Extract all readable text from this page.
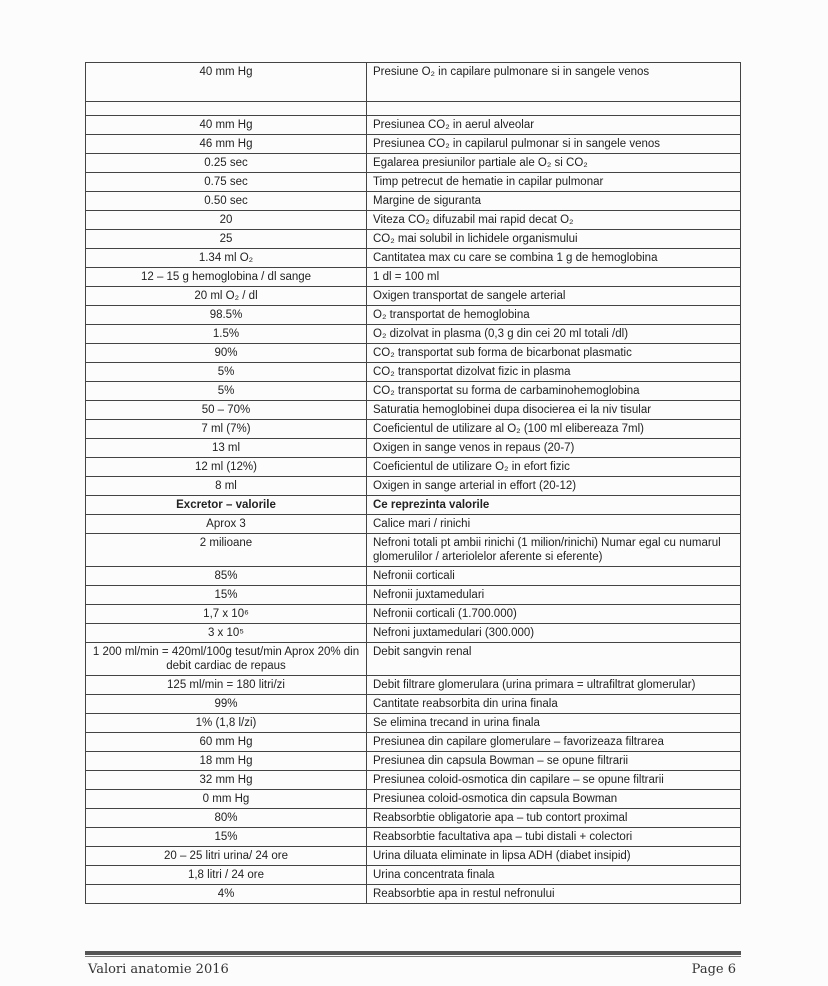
40 mm Hg	Presiune O₂ in capilare pulmonare si in sangele venos

40 mm Hg	Presiunea CO₂ in aerul alveolar
46 mm Hg	Presiunea CO₂ in capilarul pulmonar si in sangele venos
0.25 sec	Egalarea presiunilor partiale ale O₂ si CO₂
0.75 sec	Timp petrecut de hematie in capilar pulmonar
0.50 sec	Margine de siguranta
20	Viteza CO₂ difuzabil mai rapid decat O₂
25	CO₂ mai solubil in lichidele organismului
1.34 ml O₂	Cantitatea max cu care se combina 1 g de hemoglobina
12 – 15 g hemoglobina / dl sange	1 dl = 100 ml
20 ml O₂ / dl	Oxigen transportat de sangele arterial
98.5%	O₂ transportat de hemoglobina
1.5%	O₂ dizolvat in plasma (0,3 g din cei 20 ml totali /dl)
90%	CO₂ transportat sub forma de bicarbonat plasmatic
5%	CO₂ transportat dizolvat fizic in plasma
5%	CO₂ transportat su forma de carbaminohemoglobina
50 – 70%	Saturatia hemoglobinei dupa disocierea ei la niv tisular
7 ml (7%)	Coeficientul de utilizare al O₂ (100 ml elibereaza 7ml)
13 ml	Oxigen in sange venos in repaus (20-7)
12 ml (12%)	Coeficientul de utilizare O₂ in efort fizic
8 ml	Oxigen in sange arterial in effort (20-12)
Excretor – valorile	Ce reprezinta valorile
Aprox 3	Calice mari / rinichi
2 milioane	Nefroni totali pt ambii rinichi (1 milion/rinichi) Numar egal cu numarul glomerulilor / arteriolelor aferente si eferente)
85%	Nefronii corticali
15%	Nefronii juxtamedulari
1,7 x 10⁶	Nefronii corticali (1.700.000)
3 x 10⁵	Nefroni juxtamedulari (300.000)
1 200 ml/min = 420ml/100g tesut/min Aprox 20% din debit cardiac de repaus	Debit sangvin renal
125 ml/min = 180 litri/zi	Debit filtrare glomerulara (urina primara = ultrafiltrat glomerular)
99%	Cantitate reabsorbita din urina finala
1% (1,8 l/zi)	Se elimina trecand in urina finala
60 mm Hg	Presiunea din capilare glomerulare – favorizeaza filtrarea
18 mm Hg	Presiunea din capsula Bowman – se opune filtrarii
32 mm Hg	Presiunea coloid-osmotica din capilare – se opune filtrarii
0 mm Hg	Presiunea coloid-osmotica din capsula Bowman
80%	Reabsorbtie obligatorie apa – tub contort proximal
15%	Reabsorbtie facultativa apa – tubi distali + colectori
20 – 25 litri urina/ 24 ore	Urina diluata eliminate in lipsa ADH (diabet insipid)
1,8 litri / 24 ore	Urina concentrata finala
4%	Reabsorbtie apa in restul nefronului
Valori anatomie 2016	Page 6
